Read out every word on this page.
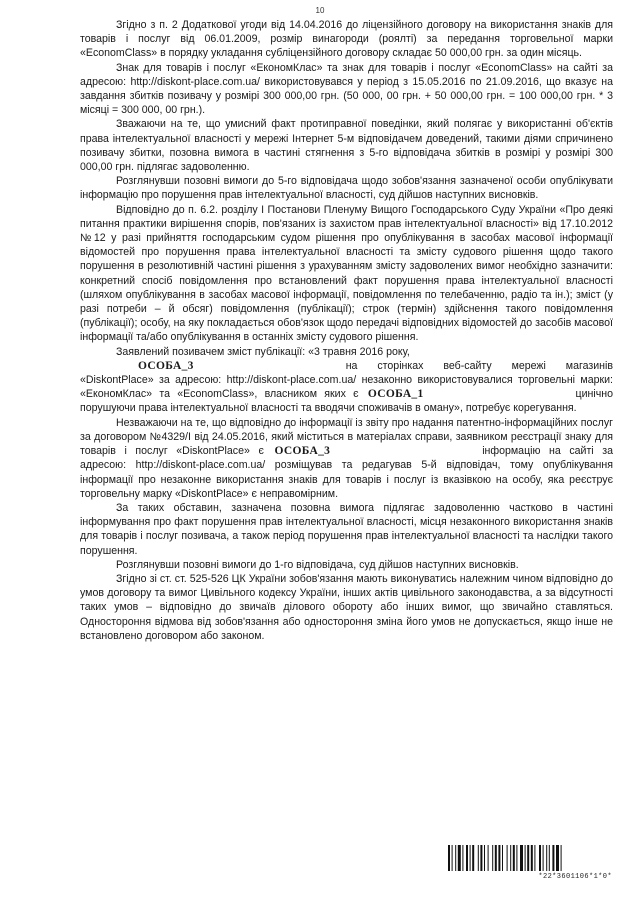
10

Згідно з п. 2 Додаткової угоди від 14.04.2016 до ліцензійного договору на використання знаків для товарів і послуг від 06.01.2009, розмір винагороди (роялті) за передання торговельної марки «EconomClass» в порядку укладання субліцензійного договору складає 50 000,00 грн. за один місяць.

Знак для товарів і послуг «ЕкономКлас» та знак для товарів і послуг «EconomClass» на сайті за адресою: http://diskont-place.com.ua/ використовувався у період з 15.05.2016 по 21.09.2016, що вказує на завдання збитків позивачу у розмірі 300 000,00 грн. (50 000, 00 грн. + 50 000,00 грн. = 100 000,00 грн. * 3 місяці = 300 000, 00 грн.).

Зважаючи на те, що умисний факт протиправної поведінки, який полягає у використанні об'єктів права інтелектуальної власності у мережі Інтернет 5-м відповідачем доведений, такими діями спричинено позивачу збитки, позовна вимога в частині стягнення з 5-го відповідача збитків в розмірі у розмірі 300 000,00 грн. підлягає задоволенню.

Розглянувши позовні вимоги до 5-го відповідача щодо зобов'язання зазначеної особи опублікувати інформацію про порушення прав інтелектуальної власності, суд дійшов наступних висновків.

Відповідно до п. 6.2. розділу І Постанови Пленуму Вищого Господарського Суду України «Про деякі питання практики вирішення спорів, пов'язаних із захистом прав інтелектуальної власності» від 17.10.2012 №12 у разі прийняття господарським судом рішення про опублікування в засобах масової інформації відомостей про порушення права інтелектуальної власності та змісту судового рішення щодо такого порушення в резолютивній частині рішення з урахуванням змісту задоволених вимог необхідно зазначити: конкретний спосіб повідомлення про встановлений факт порушення права інтелектуальної власності (шляхом опублікування в засобах масової інформації, повідомлення по телебаченню, радіо та ін.); зміст (у разі потреби – й обсяг) повідомлення (публікації); строк (термін) здійснення такого повідомлення (публікації); особу, на яку покладається обов'язок щодо передачі відповідних відомостей до засобів масової інформації та/або опублікування в останніх змісту судового рішення.

Заявлений позивачем зміст публікації: «3 травня 2016 року,
ОСОБА_3	на сторінках веб-сайту мережі магазинів «DiskontPlace» за адресою: http://diskont-place.com.ua/ незаконно використовувалися торговельні марки: «ЕкономКлас» та «EconomClass», власником яких є ОСОБА_1	цинічно порушуючи права інтелектуальної власності та вводячи споживачів в оману», потребує корегування.

Незважаючи на те, що відповідно до інформації із звіту про надання патентно-інформаційних послуг за договором №4329/І від 24.05.2016, який міститься в матеріалах справи, заявником реєстрації знаку для товарів і послуг «DiskontPlace» є ОСОБА_3	інформацію на сайті за адресою: http://diskont-place.com.ua/ розміщував та редагував 5-й відповідач, тому опублікування інформації про незаконне використання знаків для товарів і послуг із вказівкою на особу, яка реєструє торговельну марку «DiskontPlace» є неправомірним.

За таких обставин, зазначена позовна вимога підлягає задоволенню частково в частині інформування про факт порушення прав інтелектуальної власності, місця незаконного використання знаків для товарів і послуг позивача, а також період порушення прав інтелектуальної власності та наслідки такого порушення.

Розглянувши позовні вимоги до 1-го відповідача, суд дійшов наступних висновків.

Згідно зі ст. ст. 525-526 ЦК України зобов'язання мають виконуватись належним чином відповідно до умов договору та вимог Цивільного кодексу України, інших актів цивільного законодавства, а за відсутності таких умов – відповідно до звичаїв ділового обороту або інших вимог, що звичайно ставляться. Одностороння відмова від зобов'язання або одностороння зміна його умов не допускається, якщо інше не встановлено договором або законом.

*22*3601106*1*0*
